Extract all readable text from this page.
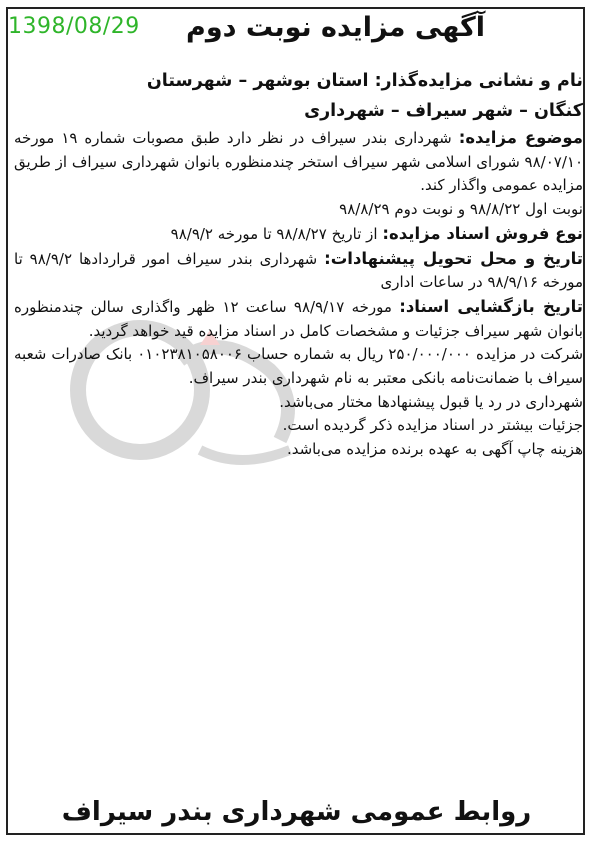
1398/08/29 آگهی مزایده نوبت دوم

نام و نشانی مزایده‌گذار: استان بوشهر – شهرستان

کنگان – شهر سیراف – شهرداری

موضوع مزایده: شهرداری بندر سیراف در نظر دارد طبق مصوبات شماره ۱۹ مورخه ۹۸/۰۷/۱۰ شورای اسلامی شهر سیراف استخر چندمنظوره بانوان شهرداری سیراف از طریق مزایده عمومی واگذار کند.

نوبت اول ۹۸/۸/۲۲ و نوبت دوم ۹۸/۸/۲۹

نوع فروش اسناد مزایده: از تاریخ ۹۸/۸/۲۷ تا مورخه ۹۸/۹/۲

تاریخ و محل تحویل پیشنهادات: شهرداری بندر سیراف امور قراردادها ۹۸/۹/۲ تا مورخه ۹۸/۹/۱۶ در ساعات اداری

تاریخ بازگشایی اسناد: مورخه ۹۸/۹/۱۷ ساعت ۱۲ ظهر واگذاری سالن چندمنظوره بانوان شهر سیراف جزئیات و مشخصات کامل در اسناد مزایده قید خواهد گردید.

شرکت در مزایده ۲۵۰/۰۰۰/۰۰۰ ریال به شماره حساب ۰۱۰۲۳۸۱۰۵۸۰۰۶ بانک صادرات شعبه سیراف با ضمانت‌نامه بانکی معتبر به نام شهرداری بندر سیراف.

شهرداری در رد یا قبول پیشنهادها مختار می‌باشد.

جزئیات بیشتر در اسناد مزایده ذکر گردیده است.

هزینه چاپ آگهی به عهده برنده مزایده می‌باشد.

روابط عمومی شهرداری بندر سیراف
